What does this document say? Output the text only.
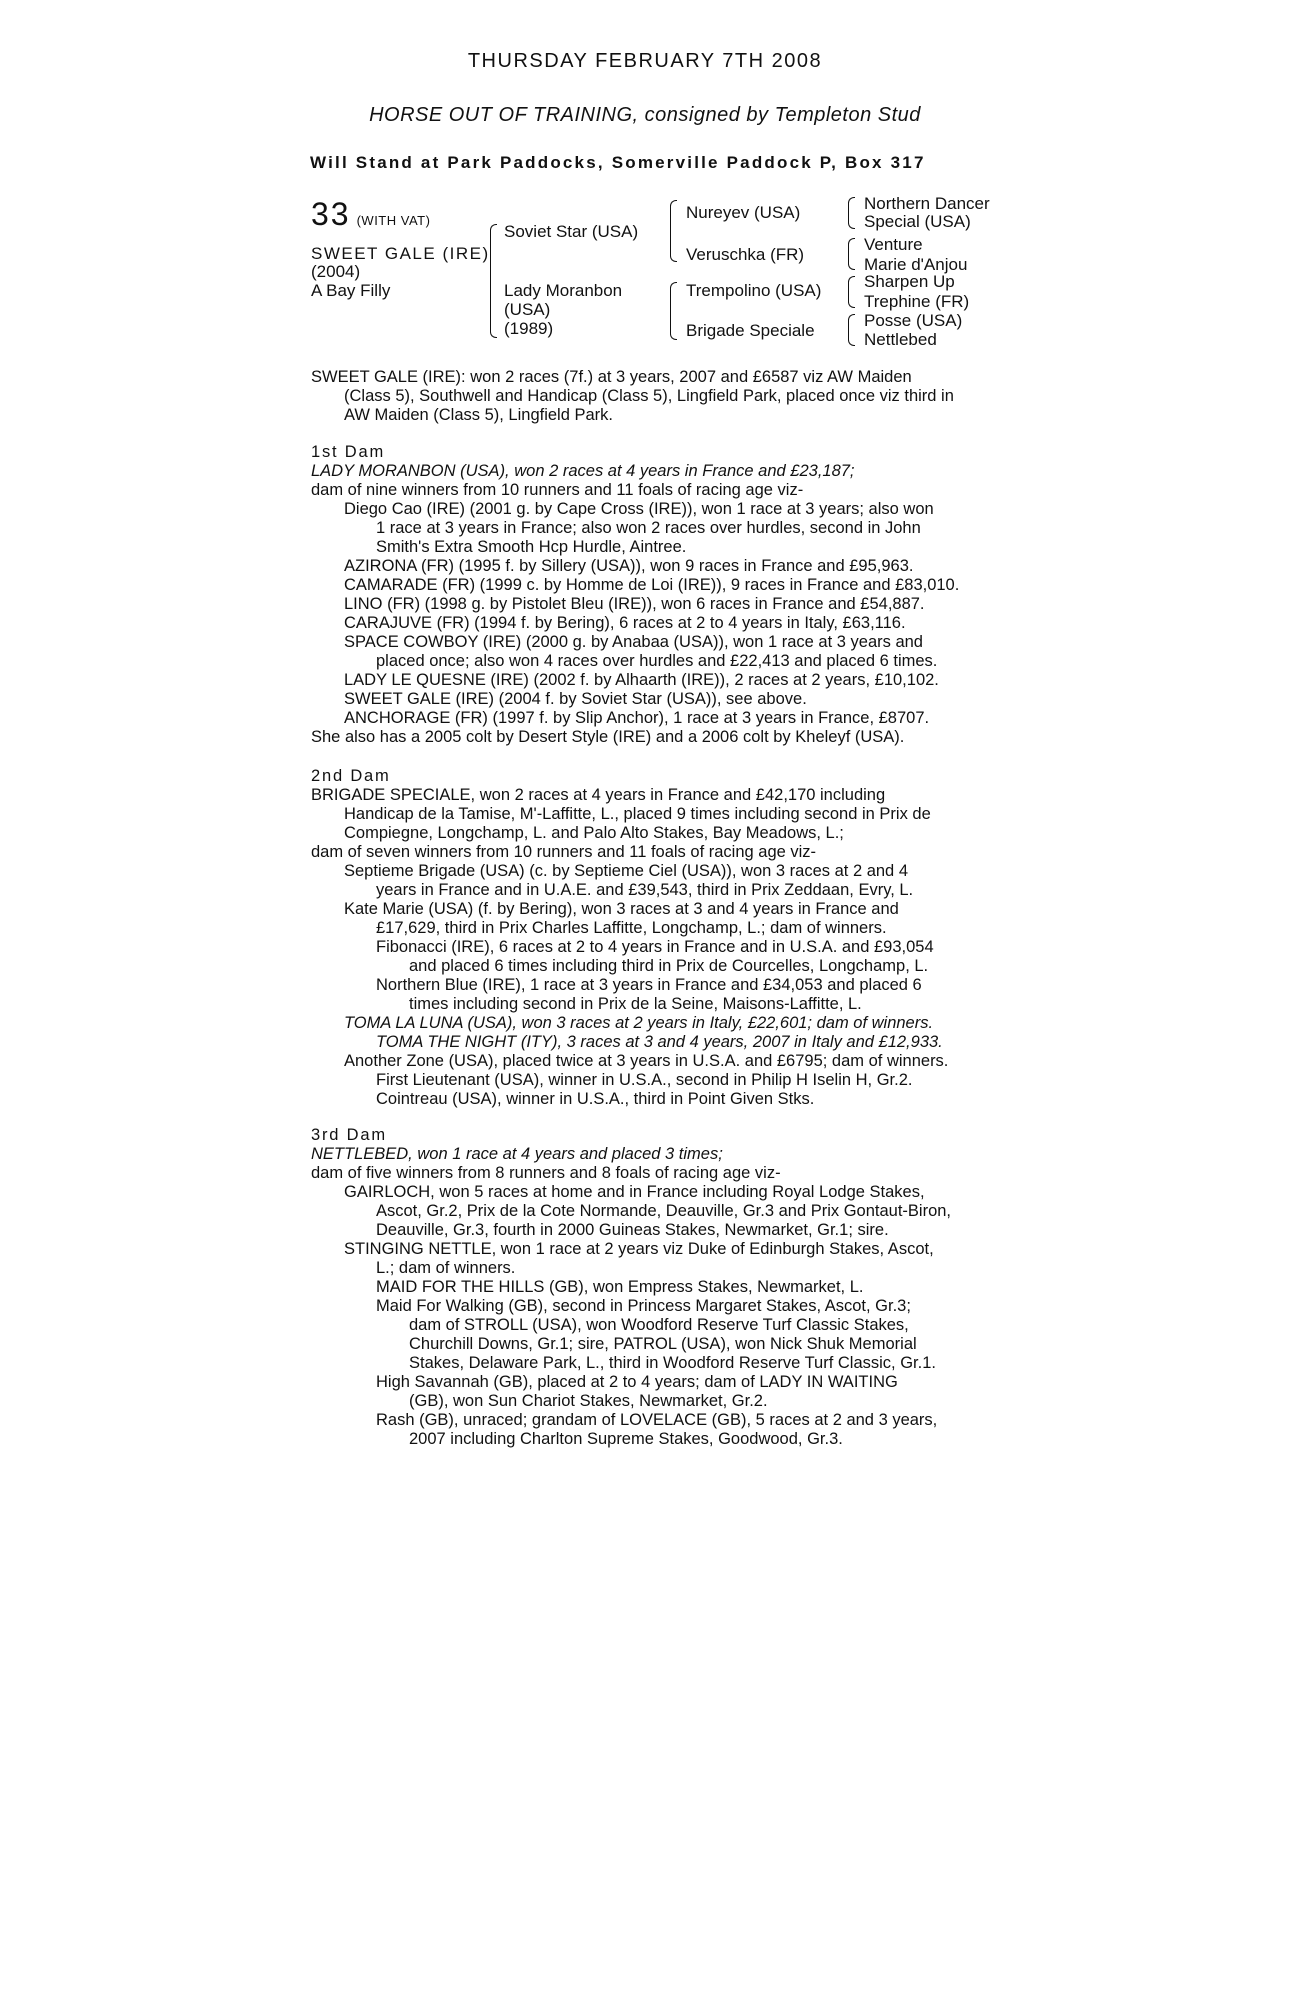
THURSDAY FEBRUARY 7TH 2008
HORSE OUT OF TRAINING, consigned by Templeton Stud
Will Stand at Park Paddocks, Somerville Paddock P, Box 317
33 (WITH VAT)
SWEET GALE (IRE)
(2004)
A Bay Filly
Soviet Star (USA)
Lady Moranbon
(USA)
(1989)
Nureyev (USA)
Veruschka (FR)
Trempolino (USA)
Brigade Speciale
Northern Dancer
Special (USA)
Venture
Marie d'Anjou
Sharpen Up
Trephine (FR)
Posse (USA)
Nettlebed

SWEET GALE (IRE): won 2 races (7f.) at 3 years, 2007 and £6587 viz AW Maiden

(Class 5), Southwell and Handicap (Class 5), Lingfield Park, placed once viz third in

AW Maiden (Class 5), Lingfield Park.

1st Dam

LADY MORANBON (USA), won 2 races at 4 years in France and £23,187;

dam of nine winners from 10 runners and 11 foals of racing age viz-

Diego Cao (IRE) (2001 g. by Cape Cross (IRE)), won 1 race at 3 years; also won

1 race at 3 years in France; also won 2 races over hurdles, second in John

Smith's Extra Smooth Hcp Hurdle, Aintree.

AZIRONA (FR) (1995 f. by Sillery (USA)), won 9 races in France and £95,963.

CAMARADE (FR) (1999 c. by Homme de Loi (IRE)), 9 races in France and £83,010.

LINO (FR) (1998 g. by Pistolet Bleu (IRE)), won 6 races in France and £54,887.

CARAJUVE (FR) (1994 f. by Bering), 6 races at 2 to 4 years in Italy, £63,116.

SPACE COWBOY (IRE) (2000 g. by Anabaa (USA)), won 1 race at 3 years and

placed once; also won 4 races over hurdles and £22,413 and placed 6 times.

LADY LE QUESNE (IRE) (2002 f. by Alhaarth (IRE)), 2 races at 2 years, £10,102.

SWEET GALE (IRE) (2004 f. by Soviet Star (USA)), see above.

ANCHORAGE (FR) (1997 f. by Slip Anchor), 1 race at 3 years in France, £8707.

She also has a 2005 colt by Desert Style (IRE) and a 2006 colt by Kheleyf (USA).

2nd Dam

BRIGADE SPECIALE, won 2 races at 4 years in France and £42,170 including

Handicap de la Tamise, M'-Laffitte, L., placed 9 times including second in Prix de

Compiegne, Longchamp, L. and Palo Alto Stakes, Bay Meadows, L.;

dam of seven winners from 10 runners and 11 foals of racing age viz-

Septieme Brigade (USA) (c. by Septieme Ciel (USA)), won 3 races at 2 and 4

years in France and in U.A.E. and £39,543, third in Prix Zeddaan, Evry, L.

Kate Marie (USA) (f. by Bering), won 3 races at 3 and 4 years in France and

£17,629, third in Prix Charles Laffitte, Longchamp, L.; dam of winners.

Fibonacci (IRE), 6 races at 2 to 4 years in France and in U.S.A. and £93,054

and placed 6 times including third in Prix de Courcelles, Longchamp, L.

Northern Blue (IRE), 1 race at 3 years in France and £34,053 and placed 6

times including second in Prix de la Seine, Maisons-Laffitte, L.

TOMA LA LUNA (USA), won 3 races at 2 years in Italy, £22,601; dam of winners.

TOMA THE NIGHT (ITY), 3 races at 3 and 4 years, 2007 in Italy and £12,933.

Another Zone (USA), placed twice at 3 years in U.S.A. and £6795; dam of winners.

First Lieutenant (USA), winner in U.S.A., second in Philip H Iselin H, Gr.2.

Cointreau (USA), winner in U.S.A., third in Point Given Stks.

3rd Dam

NETTLEBED, won 1 race at 4 years and placed 3 times;

dam of five winners from 8 runners and 8 foals of racing age viz-

GAIRLOCH, won 5 races at home and in France including Royal Lodge Stakes,

Ascot, Gr.2, Prix de la Cote Normande, Deauville, Gr.3 and Prix Gontaut-Biron,

Deauville, Gr.3, fourth in 2000 Guineas Stakes, Newmarket, Gr.1; sire.

STINGING NETTLE, won 1 race at 2 years viz Duke of Edinburgh Stakes, Ascot,

L.; dam of winners.

MAID FOR THE HILLS (GB), won Empress Stakes, Newmarket, L.

Maid For Walking (GB), second in Princess Margaret Stakes, Ascot, Gr.3;

dam of STROLL (USA), won Woodford Reserve Turf Classic Stakes,

Churchill Downs, Gr.1; sire, PATROL (USA), won Nick Shuk Memorial

Stakes, Delaware Park, L., third in Woodford Reserve Turf Classic, Gr.1.

High Savannah (GB), placed at 2 to 4 years; dam of LADY IN WAITING

(GB), won Sun Chariot Stakes, Newmarket, Gr.2.

Rash (GB), unraced; grandam of LOVELACE (GB), 5 races at 2 and 3 years,

2007 including Charlton Supreme Stakes, Goodwood, Gr.3.
